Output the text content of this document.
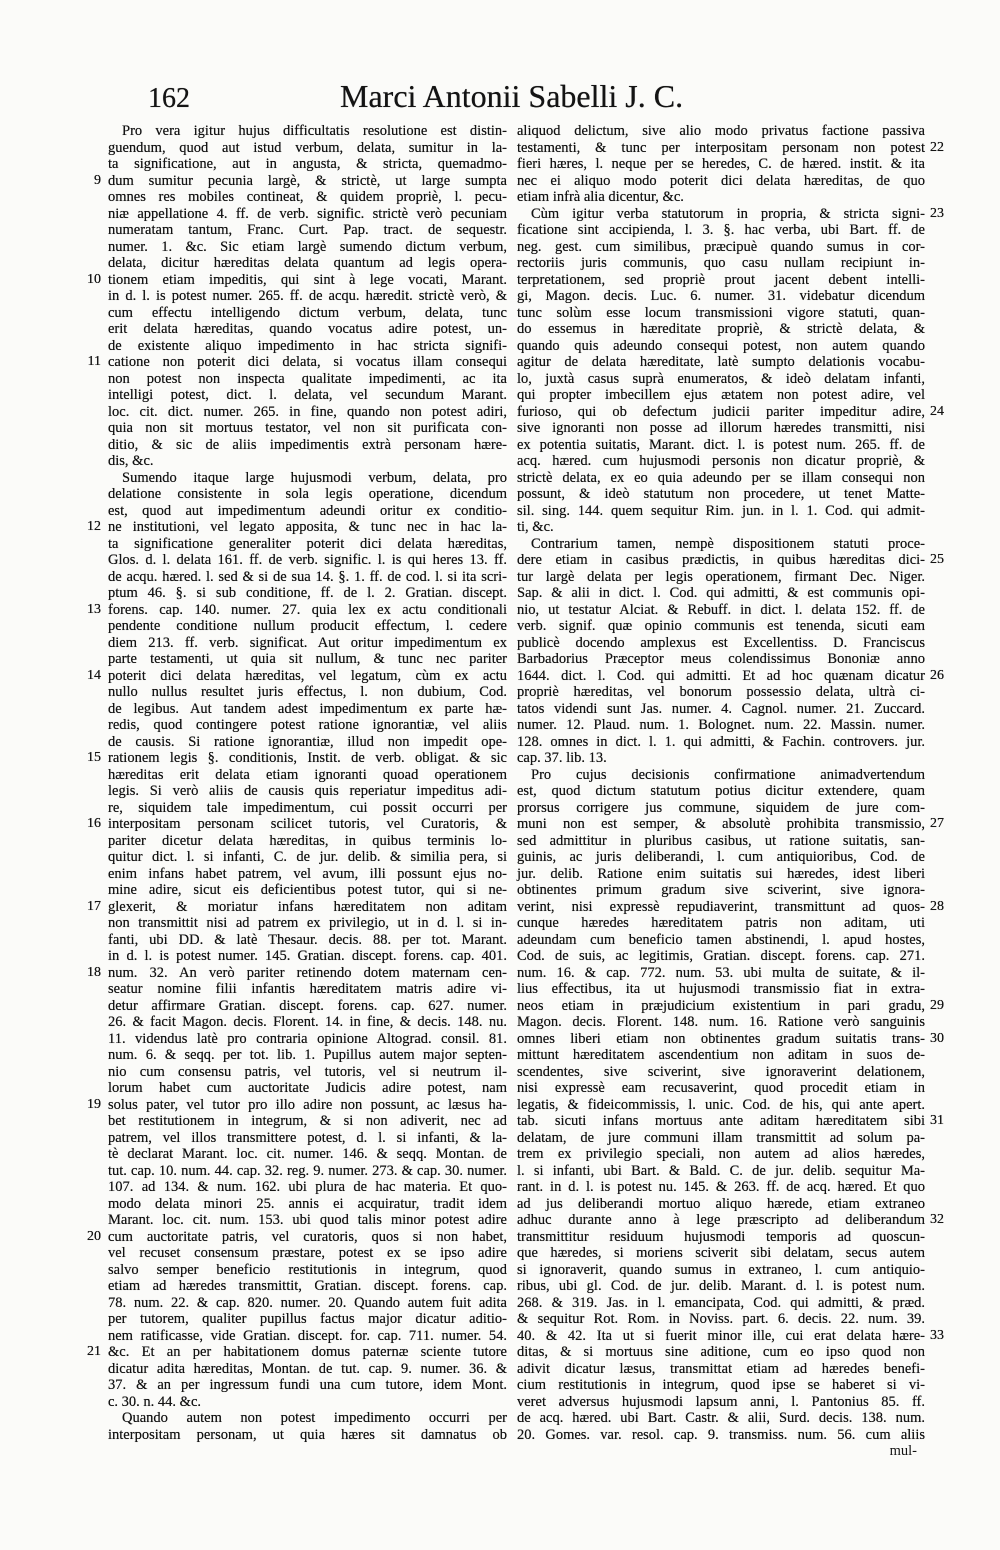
162	Marci Antonii Sabelli J. C.
Pro vera igitur hujus difficultatis resolutione est distin-
guendum, quod aut istud verbum, delata, sumitur in la-
ta significatione, aut in angusta, & stricta, quemadmo-
dum sumitur pecunia largè, & strictè, ut large sumpta
9
omnes res mobiles contineat, & quidem propriè, l. pecu-
niæ appellatione 4. ff. de verb. signific. strictè verò pecuniam
numeratam tantum, Franc. Curt. Pap. tract. de sequestr.
numer. 1. &c. Sic etiam largè sumendo dictum verbum,
delata, dicitur hæreditas delata quantum ad legis opera-
tionem etiam impeditis, qui sint à lege vocati, Marant.
10
in d. l. is potest numer. 265. ff. de acqu. hæredit. strictè verò, &
cum effectu intelligendo dictum verbum, delata, tunc
erit delata hæreditas, quando vocatus adire potest, un-
de existente aliquo impedimento in hac stricta signifi-
catione non poterit dici delata, si vocatus illam consequi
11
non potest non inspecta qualitate impedimenti, ac ita
intelligi potest, dict. l. delata, vel secundum Marant.
loc. cit. dict. numer. 265. in fine, quando non potest adiri,
quia non sit mortuus testator, vel non sit purificata con-
ditio, & sic de aliis impedimentis extrà personam hære-
dis, &c.
Sumendo itaque large hujusmodi verbum, delata, pro
delatione consistente in sola legis operatione, dicendum
est, quod aut impedimentum adeundi oritur ex conditio-
ne institutioni, vel legato apposita, & tunc nec in hac la-
12
ta significatione generaliter poterit dici delata hæreditas,
Glos. d. l. delata 161. ff. de verb. signific. l. is qui heres 13. ff.
de acqu. hæred. l. sed & si de sua 14. §. 1. ff. de cod. l. si ita scri-
ptum 46. §. si sub conditione, ff. de l. 2. Gratian. discept.
forens. cap. 140. numer. 27. quia lex ex actu conditionali
13
pendente conditione nullum producit effectum, l. cedere
diem 213. ff. verb. significat. Aut oritur impedimentum ex
parte testamenti, ut quia sit nullum, & tunc nec pariter
poterit dici delata hæreditas, vel legatum, cùm ex actu
14
nullo nullus resultet juris effectus, l. non dubium, Cod.
de legibus. Aut tandem adest impedimentum ex parte hæ-
redis, quod contingere potest ratione ignorantiæ, vel aliis
de causis. Si ratione ignorantiæ, illud non impedit ope-
rationem legis §. conditionis, Instit. de verb. obligat. & sic
15
hæreditas erit delata etiam ignoranti quoad operationem
legis. Si verò aliis de causis quis reperiatur impeditus adi-
re, siquidem tale impedimentum, cui possit occurri per
interpositam personam scilicet tutoris, vel Curatoris, &
16
pariter dicetur delata hæreditas, in quibus terminis lo-
quitur dict. l. si infanti, C. de jur. delib. & similia pera, si
enim infans habet patrem, vel avum, illi possunt ejus no-
mine adire, sicut eis deficientibus potest tutor, qui si ne-
glexerit, & moriatur infans hæreditatem non aditam
17
non transmittit nisi ad patrem ex privilegio, ut in d. l. si in-
fanti, ubi DD. & latè Thesaur. decis. 88. per tot. Marant.
in d. l. is potest numer. 145. Gratian. discept. forens. cap. 401.
num. 32. An verò pariter retinendo dotem maternam cen-
18
seatur nomine filii infantis hæreditatem matris adire vi-
detur affirmare Gratian. discept. forens. cap. 627. numer.
26. & facit Magon. decis. Florent. 14. in fine, & decis. 148. nu.
11. videndus latè pro contraria opinione Altograd. consil. 81.
num. 6. & seqq. per tot. lib. 1. Pupillus autem major septen-
nio cum consensu patris, vel tutoris, vel si neutrum il-
lorum habet cum auctoritate Judicis adire potest, nam
solus pater, vel tutor pro illo adire non possunt, ac læsus ha-
19
bet restitutionem in integrum, & si non adiverit, nec ad
patrem, vel illos transmittere potest, d. l. si infanti, & la-
tè declarat Marant. loc. cit. numer. 146. & seqq. Montan. de
tut. cap. 10. num. 44. cap. 32. reg. 9. numer. 273. & cap. 30. numer.
107. ad 134. & num. 162. ubi plura de hac materia. Et quo-
modo delata minori 25. annis ei acquiratur, tradit idem
Marant. loc. cit. num. 153. ubi quod talis minor potest adire
cum auctoritate patris, vel curatoris, quos si non habet,
20
vel recuset consensum præstare, potest ex se ipso adire
salvo semper beneficio restitutionis in integrum, quod
etiam ad hæredes transmittit, Gratian. discept. forens. cap.
78. num. 22. & cap. 820. numer. 20. Quando autem fuit adita
per tutorem, qualiter pupillus factus major dicatur aditio-
nem ratificasse, vide Gratian. discept. for. cap. 711. numer. 54.
&c. Et an per habitationem domus paternæ sciente tutore
21
dicatur adita hæreditas, Montan. de tut. cap. 9. numer. 36. &
37. & an per ingressum fundi una cum tutore, idem Mont.
c. 30. n. 44. &c.
Quando autem non potest impedimento occurri per
interpositam personam, ut quia hæres sit damnatus ob
aliquod delictum, sive alio modo privatus factione passiva
testamenti, & tunc per interpositam personam non potest 22
fieri hæres, l. neque per se heredes, C. de hæred. instit. & ita
nec ei aliquo modo poterit dici delata hæreditas, de quo
etiam infrà alia dicentur, &c.
Cùm igitur verba statutorum in propria, & stricta signi- 23
ficatione sint accipienda, l. 3. §. hac verba, ubi Bart. ff. de
neg. gest. cum similibus, præcipuè quando sumus in cor-
rectoriis juris communis, quo casu nullam recipiunt in-
terpretationem, sed propriè prout jacent debent intelli-
gi, Magon. decis. Luc. 6. numer. 31. videbatur dicendum
tunc solùm esse locum transmissioni vigore statuti, quan-
do essemus in hæreditate propriè, & strictè delata, &
quando quis adeundo consequi potest, non autem quando
agitur de delata hæreditate, latè sumpto delationis vocabu-
lo, juxtà casus suprà enumeratos, & ideò delatam infanti,
qui propter imbecillem ejus ætatem non potest adire, vel
furioso, qui ob defectum judicii pariter impeditur adire, 24
sive ignoranti non posse ad illorum hæredes transmitti, nisi
ex potentia suitatis, Marant. dict. l. is potest num. 265. ff. de
acq. hæred. cum hujusmodi personis non dicatur propriè, &
strictè delata, ex eo quia adeundo per se illam consequi non
possunt, & ideò statutum non procedere, ut tenet Matte-
sil. sing. 144. quem sequitur Rim. jun. in l. 1. Cod. qui admit-
ti, &c.
Contrarium tamen, nempè dispositionem statuti proce-
dere etiam in casibus prædictis, in quibus hæreditas dici- 25
tur largè delata per legis operationem, firmant Dec. Niger.
Sap. & alii in dict. l. Cod. qui admitti, & est communis opi-
nio, ut testatur Alciat. & Rebuff. in dict. l. delata 152. ff. de
verb. signif. quæ opinio communis est tenenda, sicuti eam
publicè docendo amplexus est Excellentiss. D. Franciscus
Barbadorius Præceptor meus colendissimus Bononiæ anno
1644. dict. l. Cod. qui admitti. Et ad hoc quænam dicatur 26
propriè hæreditas, vel bonorum possessio delata, ultrà ci-
tatos videndi sunt Jas. numer. 4. Cagnol. numer. 21. Zuccard.
numer. 12. Plaud. num. 1. Bolognet. num. 22. Massin. numer.
128. omnes in dict. l. 1. qui admitti, & Fachin. controvers. jur.
cap. 37. lib. 13.
Pro cujus decisionis confirmatione animadvertendum
est, quod dictum statutum potius dicitur extendere, quam
prorsus corrigere jus commune, siquidem de jure com-
muni non est semper, & absolutè prohibita transmissio, 27
sed admittitur in pluribus casibus, ut ratione suitatis, san-
guinis, ac juris deliberandi, l. cum antiquioribus, Cod. de
jur. delib. Ratione enim suitatis sui hæredes, idest liberi
obtinentes primum gradum sive sciverint, sive ignora-
verint, nisi expressè repudiaverint, transmittunt ad quos- 28
cunque hæredes hæreditatem patris non aditam, uti
adeundam cum beneficio tamen abstinendi, l. apud hostes,
Cod. de suis, ac legitimis, Gratian. discept. forens. cap. 271.
num. 16. & cap. 772. num. 53. ubi multa de suitate, & il-
lius effectibus, ita ut hujusmodi transmissio fiat in extra-
neos etiam in præjudicium existentium in pari gradu, 29
Magon. decis. Florent. 148. num. 16. Ratione verò sanguinis
omnes liberi etiam non obtinentes gradum suitatis trans- 30
mittunt hæreditatem ascendentium non aditam in suos de-
scendentes, sive sciverint, sive ignoraverint delationem,
nisi expressè eam recusaverint, quod procedit etiam in
legatis, & fideicommissis, l. unic. Cod. de his, qui ante apert.
tab. sicuti infans mortuus ante aditam hæreditatem sibi 31
delatam, de jure communi illam transmittit ad solum pa-
trem ex privilegio speciali, non autem ad alios hæredes,
l. si infanti, ubi Bart. & Bald. C. de jur. delib. sequitur Ma-
rant. in d. l. is potest nu. 145. & 263. ff. de acq. hæred. Et quo
ad jus deliberandi mortuo aliquo hærede, etiam extraneo
adhuc durante anno à lege præscripto ad deliberandum 32
transmittitur residuum hujusmodi temporis ad quoscun-
que hæredes, si moriens sciverit sibi delatam, secus autem
si ignoraverit, quando sumus in extraneo, l. cum antiquio-
ribus, ubi gl. Cod. de jur. delib. Marant. d. l. is potest num.
268. & 319. Jas. in l. emancipata, Cod. qui admitti, & præd.
& sequitur Rot. Rom. in Noviss. part. 6. decis. 22. num. 39.
40. & 42. Ita ut si fuerit minor ille, cui erat delata hære- 33
ditas, & si mortuus sine aditione, cum eo ipso quod non
adivit dicatur læsus, transmittat etiam ad hæredes benefi-
cium restitutionis in integrum, quod ipse se haberet si vi-
veret adversus hujusmodi lapsum anni, l. Pantonius 85. ff.
de acq. hæred. ubi Bart. Castr. & alii, Surd. decis. 138. num.
20. Gomes. var. resol. cap. 9. transmiss. num. 56. cum aliis
mul-
